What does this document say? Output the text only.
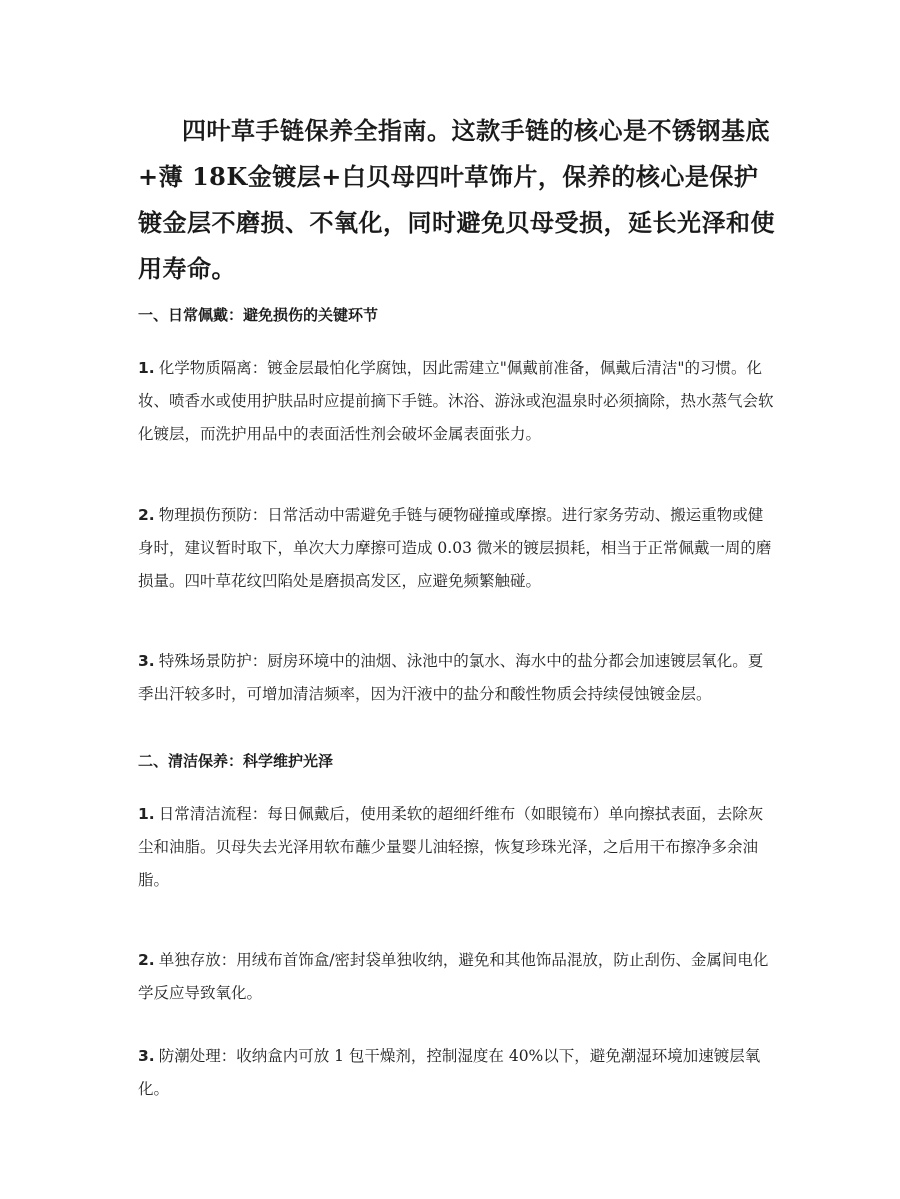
四叶草手链保养全指南。这款手链的核心是不锈钢基底+薄 18K金镀层+白贝母四叶草饰片，保养的核心是保护镀金层不磨损、不氧化，同时避免贝母受损，延长光泽和使用寿命。

一、日常佩戴：避免损伤的关键环节

1. 化学物质隔离：镀金层最怕化学腐蚀，因此需建立"佩戴前准备，佩戴后清洁"的习惯。化妆、喷香水或使用护肤品时应提前摘下手链。沐浴、游泳或泡温泉时必须摘除，热水蒸气会软化镀层，而洗护用品中的表面活性剂会破坏金属表面张力。

2. 物理损伤预防：日常活动中需避免手链与硬物碰撞或摩擦。进行家务劳动、搬运重物或健身时，建议暂时取下，单次大力摩擦可造成 0.03 微米的镀层损耗，相当于正常佩戴一周的磨损量。四叶草花纹凹陷处是磨损高发区，应避免频繁触碰。

3. 特殊场景防护：厨房环境中的油烟、泳池中的氯水、海水中的盐分都会加速镀层氧化。夏季出汗较多时，可增加清洁频率，因为汗液中的盐分和酸性物质会持续侵蚀镀金层。

二、清洁保养：科学维护光泽

1. 日常清洁流程：每日佩戴后，使用柔软的超细纤维布（如眼镜布）单向擦拭表面，去除灰尘和油脂。贝母失去光泽用软布蘸少量婴儿油轻擦，恢复珍珠光泽，之后用干布擦净多余油脂。

2. 单独存放：用绒布首饰盒/密封袋单独收纳，避免和其他饰品混放，防止刮伤、金属间电化学反应导致氧化。

3. 防潮处理：收纳盒内可放 1 包干燥剂，控制湿度在 40%以下，避免潮湿环境加速镀层氧化。
